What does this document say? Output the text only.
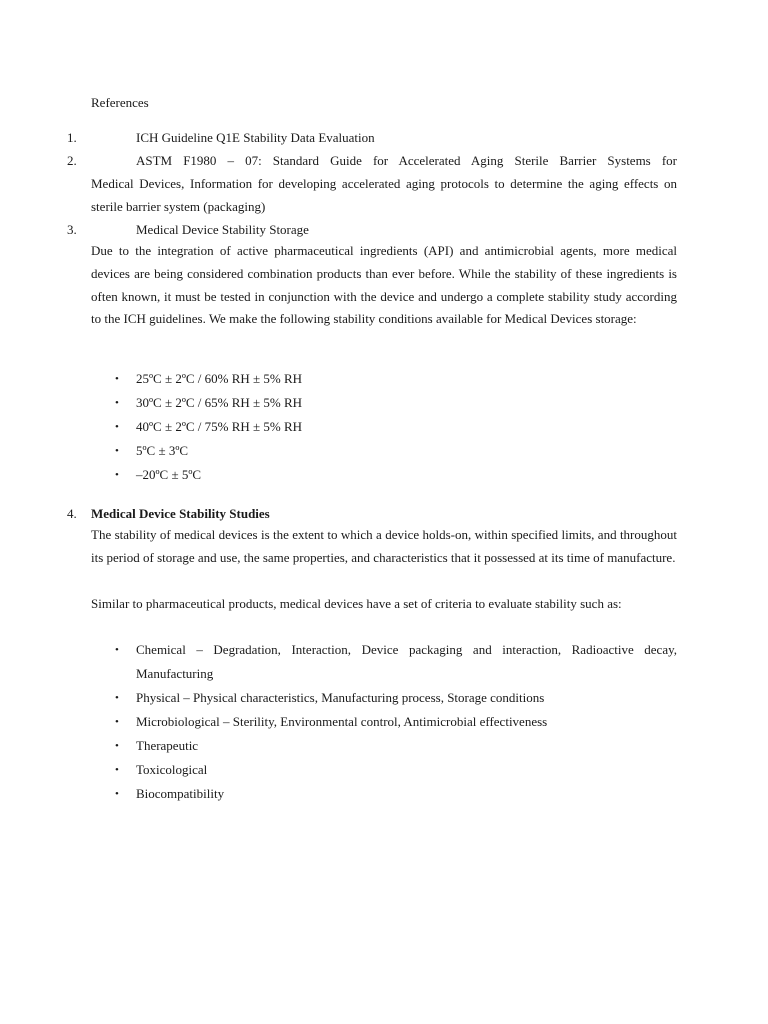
References
1.	ICH Guideline Q1E Stability Data Evaluation
2.	ASTM F1980 – 07: Standard Guide for Accelerated Aging Sterile Barrier Systems for
Medical Devices, Information for developing accelerated aging protocols to determine the aging effects on sterile barrier system (packaging)
3.	Medical Device Stability Storage
Due to the integration of active pharmaceutical ingredients (API) and antimicrobial agents, more medical devices are being considered combination products than ever before. While the stability of these ingredients is often known, it must be tested in conjunction with the device and undergo a complete stability study according to the ICH guidelines. We make the following stability conditions available for Medical Devices storage:
• 25ºC ± 2ºC / 60% RH ± 5% RH
• 30ºC ± 2ºC / 65% RH ± 5% RH
• 40ºC ± 2ºC / 75% RH ± 5% RH
• 5ºC ± 3ºC
• –20ºC ± 5ºC
4. Medical Device Stability Studies
The stability of medical devices is the extent to which a device holds-on, within specified limits, and throughout its period of storage and use, the same properties, and characteristics that it possessed at its time of manufacture.
Similar to pharmaceutical products, medical devices have a set of criteria to evaluate stability such as:
• Chemical – Degradation, Interaction, Device packaging and interaction, Radioactive decay, Manufacturing
• Physical – Physical characteristics, Manufacturing process, Storage conditions
• Microbiological – Sterility, Environmental control, Antimicrobial effectiveness
• Therapeutic
• Toxicological
• Biocompatibility
